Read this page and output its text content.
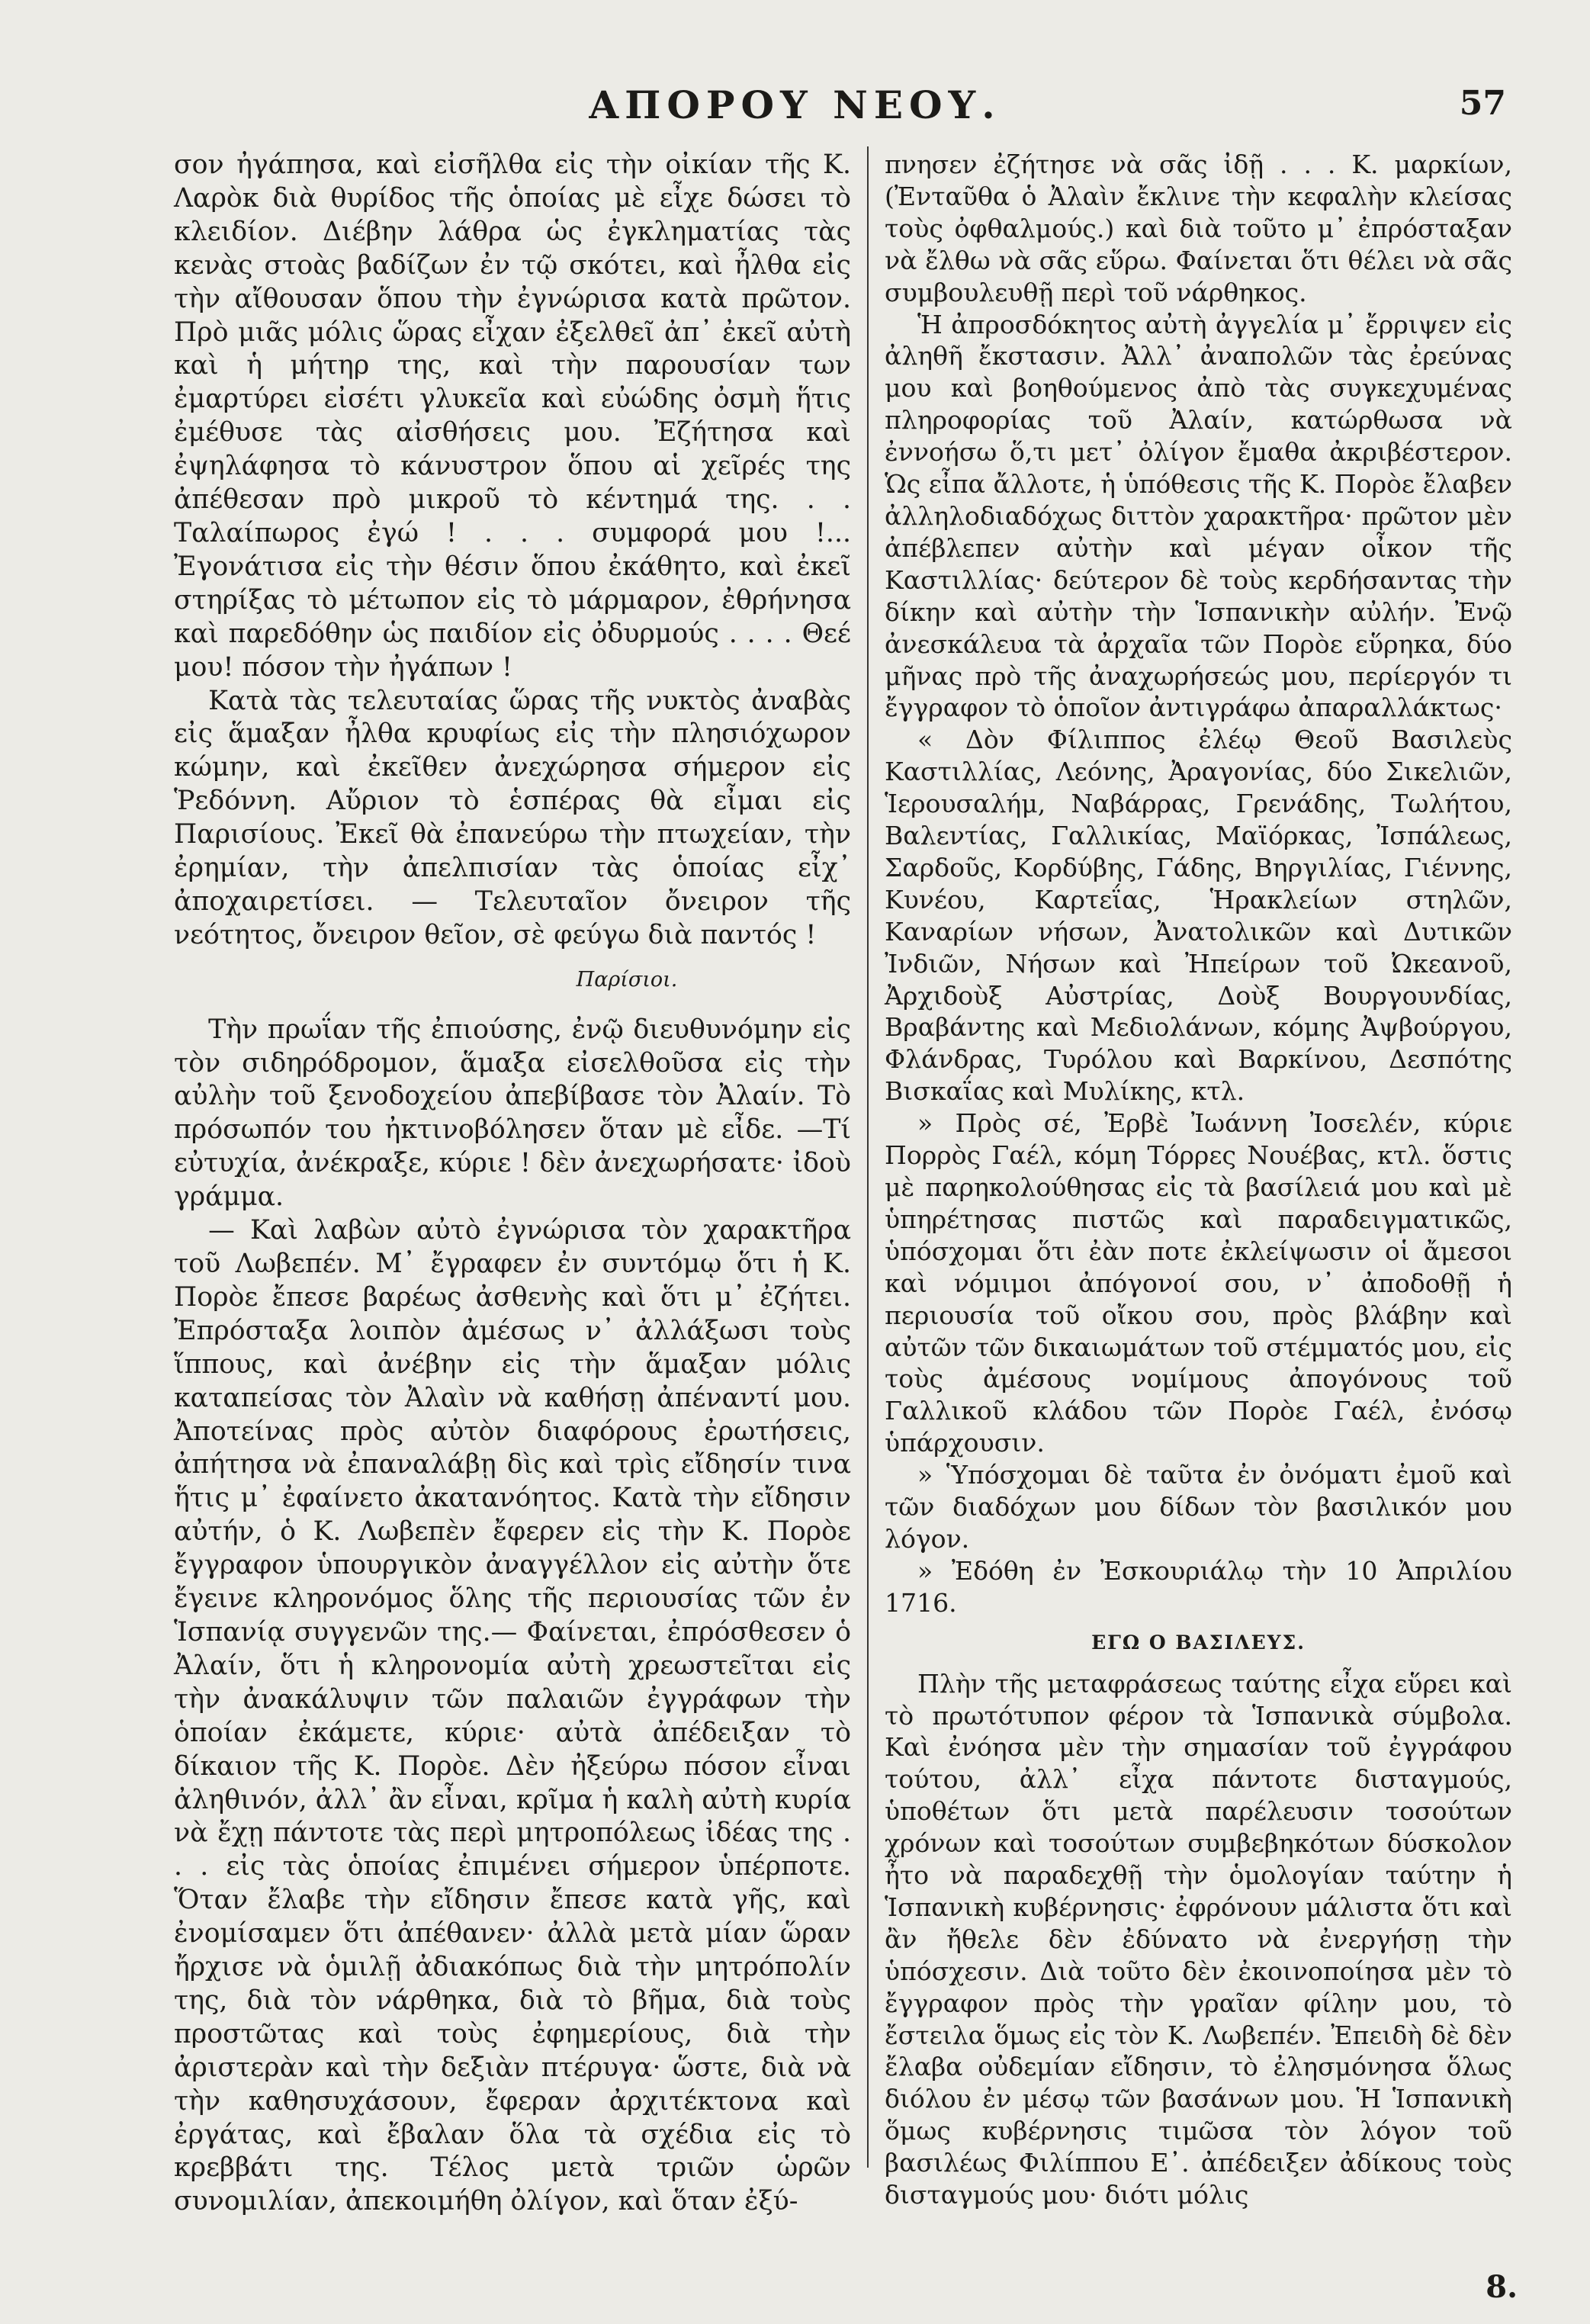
ΑΠΟΡΟΥ ΝΕΟΥ.	57

σον ἠγάπησα, καὶ εἰσῆλθα εἰς τὴν οἰκίαν τῆς Κ. Λαρὸκ διὰ θυρίδος τῆς ὁποίας μὲ εἶχε δώσει τὸ κλειδίον. Διέβην λάθρα ὡς ἐγκληματίας τὰς κενὰς στοὰς βαδίζων ἐν τῷ σκότει, καὶ ἦλθα εἰς τὴν αἴθουσαν ὅπου τὴν ἐγνώρισα κατὰ πρῶτον. Πρὸ μιᾶς μόλις ὥρας εἶχαν ἐξελθεῖ ἀπ᾽ ἐκεῖ αὐτὴ καὶ ἡ μήτηρ της, καὶ τὴν παρουσίαν των ἐμαρτύρει εἰσέτι γλυκεῖα καὶ εὐώδης ὀσμὴ ἥτις ἐμέθυσε τὰς αἰσθήσεις μου. Ἐζήτησα καὶ ἐψηλάφησα τὸ κάνυστρον ὅπου αἱ χεῖρές της ἀπέθεσαν πρὸ μικροῦ τὸ κέντημά της. . . Ταλαίπωρος ἐγώ ! . . . συμφορά μου !... Ἐγονάτισα εἰς τὴν θέσιν ὅπου ἐκάθητο, καὶ ἐκεῖ στηρίξας τὸ μέτωπον εἰς τὸ μάρμαρον, ἐθρήνησα καὶ παρεδόθην ὡς παιδίον εἰς ὀδυρμούς . . . . Θεέ μου! πόσον τὴν ἠγάπων !

Κατὰ τὰς τελευταίας ὥρας τῆς νυκτὸς ἀναβὰς εἰς ἅμαξαν ἦλθα κρυφίως εἰς τὴν πλησιόχωρον κώμην, καὶ ἐκεῖθεν ἀνεχώρησα σήμερον εἰς Ῥεδόννη. Αὔριον τὸ ἑσπέρας θὰ εἶμαι εἰς Παρισίους. Ἐκεῖ θὰ ἐπανεύρω τὴν πτωχείαν, τὴν ἐρημίαν, τὴν ἀπελπισίαν τὰς ὁποίας εἶχ᾽ ἀποχαιρετίσει. — Τελευταῖον ὄνειρον τῆς νεότητος, ὄνειρον θεῖον, σὲ φεύγω διὰ παντός !

Παρίσιοι.

Τὴν πρωΐαν τῆς ἐπιούσης, ἐνῷ διευθυνόμην εἰς τὸν σιδηρόδρομον, ἅμαξα εἰσελθοῦσα εἰς τὴν αὐλὴν τοῦ ξενοδοχείου ἀπεβίβασε τὸν Ἀλαίν. Τὸ πρόσωπόν του ἠκτινοβόλησεν ὅταν μὲ εἶδε. —Τί εὐτυχία, ἀνέκραξε, κύριε ! δὲν ἀνεχωρήσατε· ἰδοὺ γράμμα.

— Καὶ λαβὼν αὐτὸ ἐγνώρισα τὸν χαρακτῆρα τοῦ Λωβεπέν. Μ᾽ ἔγραφεν ἐν συντόμῳ ὅτι ἡ Κ. Πορὸε ἔπεσε βαρέως ἀσθενὴς καὶ ὅτι μ᾽ ἐζήτει. Ἐπρόσταξα λοιπὸν ἀμέσως ν᾽ ἀλλάξωσι τοὺς ἵππους, καὶ ἀνέβην εἰς τὴν ἅμαξαν μόλις καταπείσας τὸν Ἀλαὶν νὰ καθήσῃ ἀπέναντί μου. Ἀποτείνας πρὸς αὐτὸν διαφόρους ἐρωτήσεις, ἀπήτησα νὰ ἐπαναλάβῃ δὶς καὶ τρὶς εἴδησίν τινα ἥτις μ᾽ ἐφαίνετο ἀκατανόητος. Κατὰ τὴν εἴδησιν αὐτήν, ὁ Κ. Λωβεπὲν ἔφερεν εἰς τὴν Κ. Πορὸε ἔγγραφον ὑπουργικὸν ἀναγγέλλον εἰς αὐτὴν ὅτε ἔγεινε κληρονόμος ὅλης τῆς περιουσίας τῶν ἐν Ἱσπανίᾳ συγγενῶν της.— Φαίνεται, ἐπρόσθεσεν ὁ Ἀλαίν, ὅτι ἡ κληρονομία αὐτὴ χρεωστεῖται εἰς τὴν ἀνακάλυψιν τῶν παλαιῶν ἐγγράφων τὴν ὁποίαν ἐκάμετε, κύριε· αὐτὰ ἀπέδειξαν τὸ δίκαιον τῆς Κ. Πορὸε. Δὲν ἠξεύρω πόσον εἶναι ἀληθινόν, ἀλλ᾽ ἂν εἶναι, κρῖμα ἡ καλὴ αὐτὴ κυρία νὰ ἔχῃ πάντοτε τὰς περὶ μητροπόλεως ἰδέας της . . . εἰς τὰς ὁποίας ἐπιμένει σήμερον ὑπέρποτε. Ὅταν ἔλαβε τὴν εἴδησιν ἔπεσε κατὰ γῆς, καὶ ἐνομίσαμεν ὅτι ἀπέθανεν· ἀλλὰ μετὰ μίαν ὥραν ἤρχισε νὰ ὁμιλῇ ἀδιακόπως διὰ τὴν μητρόπολίν της, διὰ τὸν νάρθηκα, διὰ τὸ βῆμα, διὰ τοὺς προστῶτας καὶ τοὺς ἐφημερίους, διὰ τὴν ἀριστερὰν καὶ τὴν δεξιὰν πτέρυγα· ὥστε, διὰ νὰ τὴν καθησυχάσουν, ἔφεραν ἀρχιτέκτονα καὶ ἐργάτας, καὶ ἔβαλαν ὅλα τὰ σχέδια εἰς τὸ κρεββάτι της. Τέλος μετὰ τριῶν ὡρῶν συνομιλίαν, ἀπεκοιμήθη ὀλίγον, καὶ ὅταν ἐξύ-

πνησεν ἐζήτησε νὰ σᾶς ἰδῇ . . . Κ. μαρκίων, (Ἐνταῦθα ὁ Ἀλαὶν ἔκλινε τὴν κεφαλὴν κλείσας τοὺς ὀφθαλμούς.) καὶ διὰ τοῦτο μ᾽ ἐπρόσταξαν νὰ ἔλθω νὰ σᾶς εὕρω. Φαίνεται ὅτι θέλει νὰ σᾶς συμβουλευθῇ περὶ τοῦ νάρθηκος.

Ἡ ἀπροσδόκητος αὐτὴ ἀγγελία μ᾽ ἔρριψεν εἰς ἀληθῆ ἔκστασιν. Ἀλλ᾽ ἀναπολῶν τὰς ἐρεύνας μου καὶ βοηθούμενος ἀπὸ τὰς συγκεχυμένας πληροφορίας τοῦ Ἀλαίν, κατώρθωσα νὰ ἐννοήσω ὅ,τι μετ᾽ ὀλίγον ἔμαθα ἀκριβέστερον. Ὡς εἶπα ἄλλοτε, ἡ ὑπόθεσις τῆς Κ. Πορὸε ἔλαβεν ἀλληλοδιαδόχως διττὸν χαρακτῆρα· πρῶτον μὲν ἀπέβλεπεν αὐτὴν καὶ μέγαν οἶκον τῆς Καστιλλίας· δεύτερον δὲ τοὺς κερδήσαντας τὴν δίκην καὶ αὐτὴν τὴν Ἱσπανικὴν αὐλήν. Ἐνῷ ἀνεσκάλευα τὰ ἀρχαῖα τῶν Πορὸε εὕρηκα, δύο μῆνας πρὸ τῆς ἀναχωρήσεώς μου, περίεργόν τι ἔγγραφον τὸ ὁποῖον ἀντιγράφω ἀπαραλλάκτως·

« Δὸν Φίλιππος ἐλέῳ Θεοῦ Βασιλεὺς Καστιλλίας, Λεόνης, Ἀραγονίας, δύο Σικελιῶν, Ἱερουσαλήμ, Ναβάρρας, Γρενάδης, Τωλήτου, Βαλεντίας, Γαλλικίας, Μαϊόρκας, Ἰσπάλεως, Σαρδοῦς, Κορδύβης, Γάδης, Βηργιλίας, Γιέννης, Κυνέου, Καρτεΐας, Ἡρακλείων στηλῶν, Καναρίων νήσων, Ἀνατολικῶν καὶ Δυτικῶν Ἰνδιῶν, Νήσων καὶ Ἠπείρων τοῦ Ὠκεανοῦ, Ἀρχιδοὺξ Αὐστρίας, Δοὺξ Βουργουνδίας, Βραβάντης καὶ Μεδιολάνων, κόμης Ἀψβούργου, Φλάνδρας, Τυρόλου καὶ Βαρκίνου, Δεσπότης Βισκαΐας καὶ Μυλίκης, κτλ.

» Πρὸς σέ, Ἐρβὲ Ἰωάννη Ἰοσελέν, κύριε Πορρὸς Γαέλ, κόμη Τόρρες Νουέβας, κτλ. ὅστις μὲ παρηκολούθησας εἰς τὰ βασίλειά μου καὶ μὲ ὑπηρέτησας πιστῶς καὶ παραδειγματικῶς, ὑπόσχομαι ὅτι ἐὰν ποτε ἐκλείψωσιν οἱ ἄμεσοι καὶ νόμιμοι ἀπόγονοί σου, ν᾽ ἀποδοθῇ ἡ περιουσία τοῦ οἴκου σου, πρὸς βλάβην καὶ αὐτῶν τῶν δικαιωμάτων τοῦ στέμματός μου, εἰς τοὺς ἀμέσους νομίμους ἀπογόνους τοῦ Γαλλικοῦ κλάδου τῶν Πορὸε Γαέλ, ἐνόσῳ ὑπάρχουσιν.

» Ὑπόσχομαι δὲ ταῦτα ἐν ὀνόματι ἐμοῦ καὶ τῶν διαδόχων μου δίδων τὸν βασιλικόν μου λόγον.

» Ἐδόθη ἐν Ἐσκουριάλῳ τὴν 10 Ἀπριλίου 1716.

ΕΓΩ Ο ΒΑΣΙΛΕΥΣ.

Πλὴν τῆς μεταφράσεως ταύτης εἶχα εὕρει καὶ τὸ πρωτότυπον φέρον τὰ Ἱσπανικὰ σύμβολα. Καὶ ἐνόησα μὲν τὴν σημασίαν τοῦ ἐγγράφου τούτου, ἀλλ᾽ εἶχα πάντοτε δισταγμούς, ὑποθέτων ὅτι μετὰ παρέλευσιν τοσούτων χρόνων καὶ τοσούτων συμβεβηκότων δύσκολον ἦτο νὰ παραδεχθῇ τὴν ὁμολογίαν ταύτην ἡ Ἱσπανικὴ κυβέρνησις· ἐφρόνουν μάλιστα ὅτι καὶ ἂν ἤθελε δὲν ἐδύνατο νὰ ἐνεργήσῃ τὴν ὑπόσχεσιν. Διὰ τοῦτο δὲν ἐκοινοποίησα μὲν τὸ ἔγγραφον πρὸς τὴν γραῖαν φίλην μου, τὸ ἔστειλα ὅμως εἰς τὸν Κ. Λωβεπέν. Ἐπειδὴ δὲ δὲν ἔλαβα οὐδεμίαν εἴδησιν, τὸ ἐλησμόνησα ὅλως διόλου ἐν μέσῳ τῶν βασάνων μου. Ἡ Ἱσπανικὴ ὅμως κυβέρνησις τιμῶσα τὸν λόγον τοῦ βασιλέως Φιλίππου Ε᾽. ἀπέδειξεν ἀδίκους τοὺς δισταγμούς μου· διότι μόλις

8.
